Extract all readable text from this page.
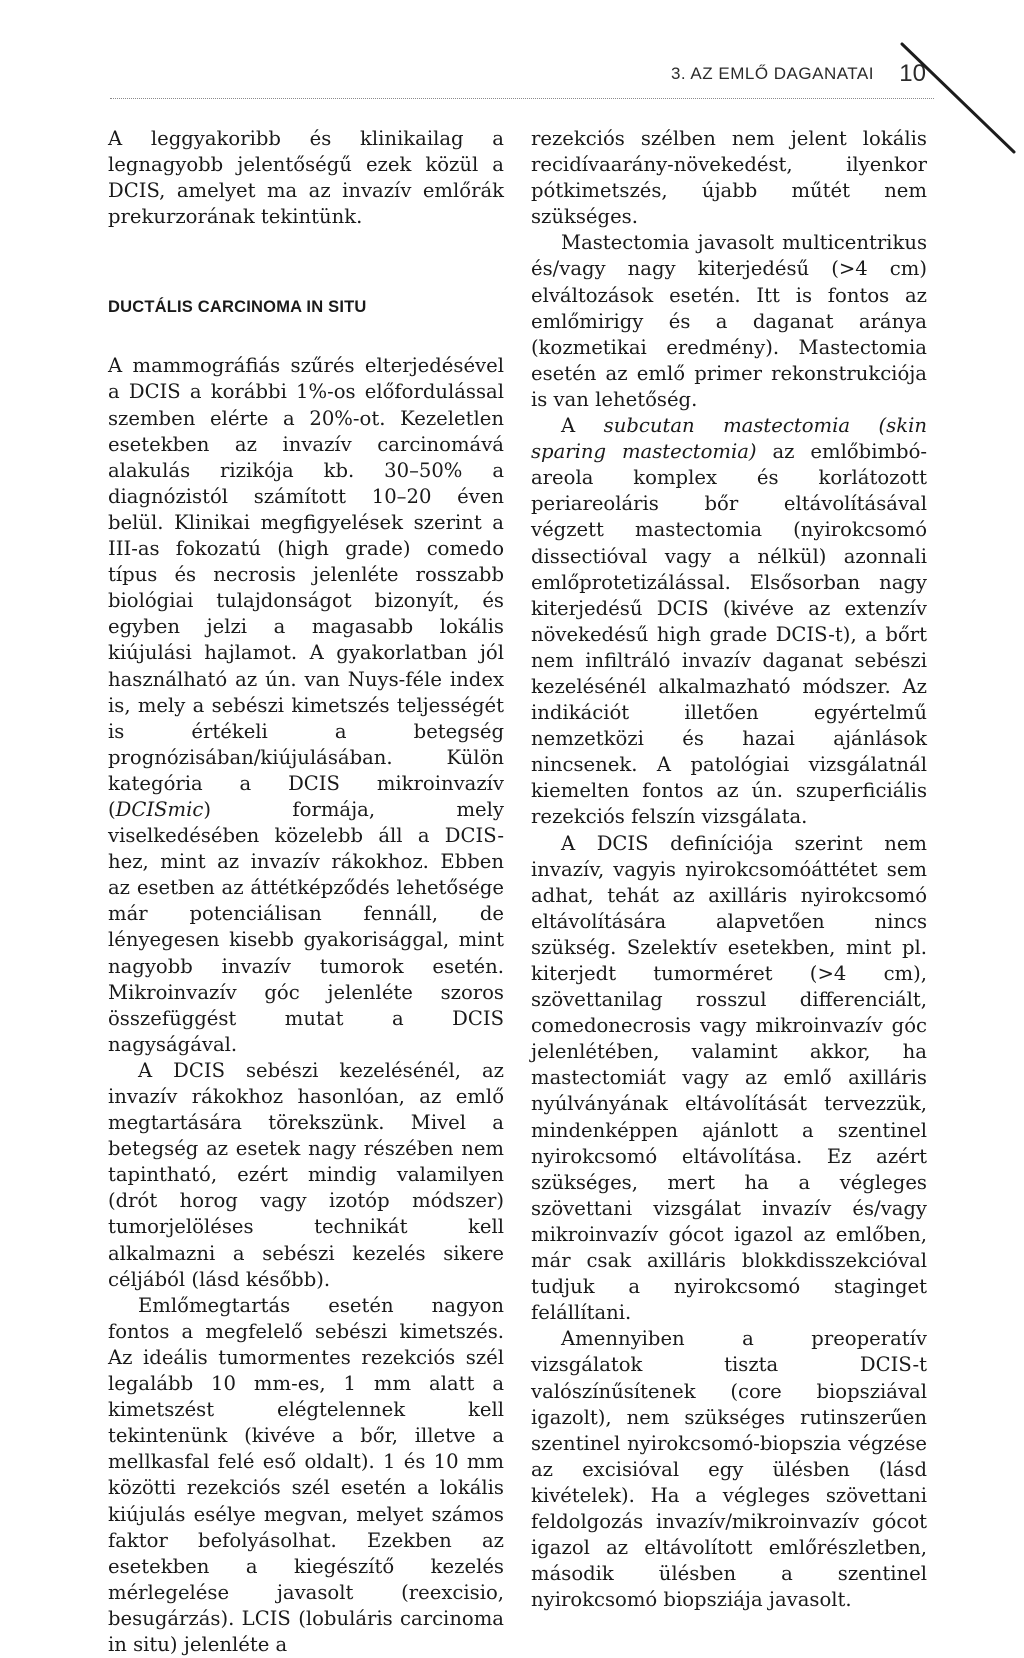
3. AZ EMLŐ DAGANATAI 10

A leggyakoribb és klinikailag a legnagyobb jelentőségű ezek közül a DCIS, amelyet ma az invazív emlőrák prekurzorának tekintünk.

DUCTÁLIS CARCINOMA IN SITU

A mammográfiás szűrés elterjedésével a DCIS a korábbi 1%-os előfordulással szemben elérte a 20%-ot. Kezeletlen esetekben az invazív carcinomává alakulás rizikója kb. 30–50% a diagnózistól számított 10–20 éven belül. Klinikai megfigyelések szerint a III-as fokozatú (high grade) comedo típus és necrosis jelenléte rosszabb biológiai tulajdonságot bizonyít, és egyben jelzi a magasabb lokális kiújulási hajlamot. A gyakorlatban jól használható az ún. van Nuys-féle index is, mely a sebészi kimetszés teljességét is értékeli a betegség prognózisában/kiújulásában. Külön kategória a DCIS mikroinvazív (DCISmic) formája, mely viselkedésében közelebb áll a DCIS-hez, mint az invazív rákokhoz. Ebben az esetben az áttétképződés lehetősége már potenciálisan fennáll, de lényegesen kisebb gyakorisággal, mint nagyobb invazív tumorok esetén. Mikroinvazív góc jelenléte szoros összefüggést mutat a DCIS nagyságával.

A DCIS sebészi kezelésénél, az invazív rákokhoz hasonlóan, az emlő megtartására törekszünk. Mivel a betegség az esetek nagy részében nem tapintható, ezért mindig valamilyen (drót horog vagy izotóp módszer) tumorjelöléses technikát kell alkalmazni a sebészi kezelés sikere céljából (lásd később).

Emlőmegtartás esetén nagyon fontos a megfelelő sebészi kimetszés. Az ideális tumormentes rezekciós szél legalább 10 mm-es, 1 mm alatt a kimetszést elégtelennek kell tekintenünk (kivéve a bőr, illetve a mellkasfal felé eső oldalt). 1 és 10 mm közötti rezekciós szél esetén a lokális kiújulás esélye megvan, melyet számos faktor befolyásolhat. Ezekben az esetekben a kiegészítő kezelés mérlegelése javasolt (reexcisio, besugárzás). LCIS (lobuláris carcinoma in situ) jelenléte a

rezekciós szélben nem jelent lokális recidívaarány-növekedést, ilyenkor pótkimetszés, újabb műtét nem szükséges.

Mastectomia javasolt multicentrikus és/vagy nagy kiterjedésű (>4 cm) elváltozások esetén. Itt is fontos az emlőmirigy és a daganat aránya (kozmetikai eredmény). Mastectomia esetén az emlő primer rekonstrukciója is van lehetőség.

A subcutan mastectomia (skin sparing mastectomia) az emlőbimbó-areola komplex és korlátozott periareoláris bőr eltávolításával végzett mastectomia (nyirokcsomó dissectióval vagy a nélkül) azonnali emlőprotetizálással. Elsősorban nagy kiterjedésű DCIS (kivéve az extenzív növekedésű high grade DCIS-t), a bőrt nem infiltráló invazív daganat sebészi kezelésénél alkalmazható módszer. Az indikációt illetően egyértelmű nemzetközi és hazai ajánlások nincsenek. A patológiai vizsgálatnál kiemelten fontos az ún. szuperficiális rezekciós felszín vizsgálata.

A DCIS definíciója szerint nem invazív, vagyis nyirokcsomóáttétet sem adhat, tehát az axilláris nyirokcsomó eltávolítására alapvetően nincs szükség. Szelektív esetekben, mint pl. kiterjedt tumorméret (>4 cm), szövettanilag rosszul differenciált, comedonecrosis vagy mikroinvazív góc jelenlétében, valamint akkor, ha mastectomiát vagy az emlő axilláris nyúlványának eltávolítását tervezzük, mindenképpen ajánlott a szentinel nyirokcsomó eltávolítása. Ez azért szükséges, mert ha a végleges szövettani vizsgálat invazív és/vagy mikroinvazív gócot igazol az emlőben, már csak axilláris blokkdisszekcióval tudjuk a nyirokcsomó staginget felállítani.

Amennyiben a preoperatív vizsgálatok tiszta DCIS-t valószínűsítenek (core biopsziával igazolt), nem szükséges rutinszerűen szentinel nyirokcsomó-biopszia végzése az excisióval egy ülésben (lásd kivételek). Ha a végleges szövettani feldolgozás invazív/mikroinvazív gócot igazol az eltávolított emlőrészletben, második ülésben a szentinel nyirokcsomó biopsziája javasolt.
